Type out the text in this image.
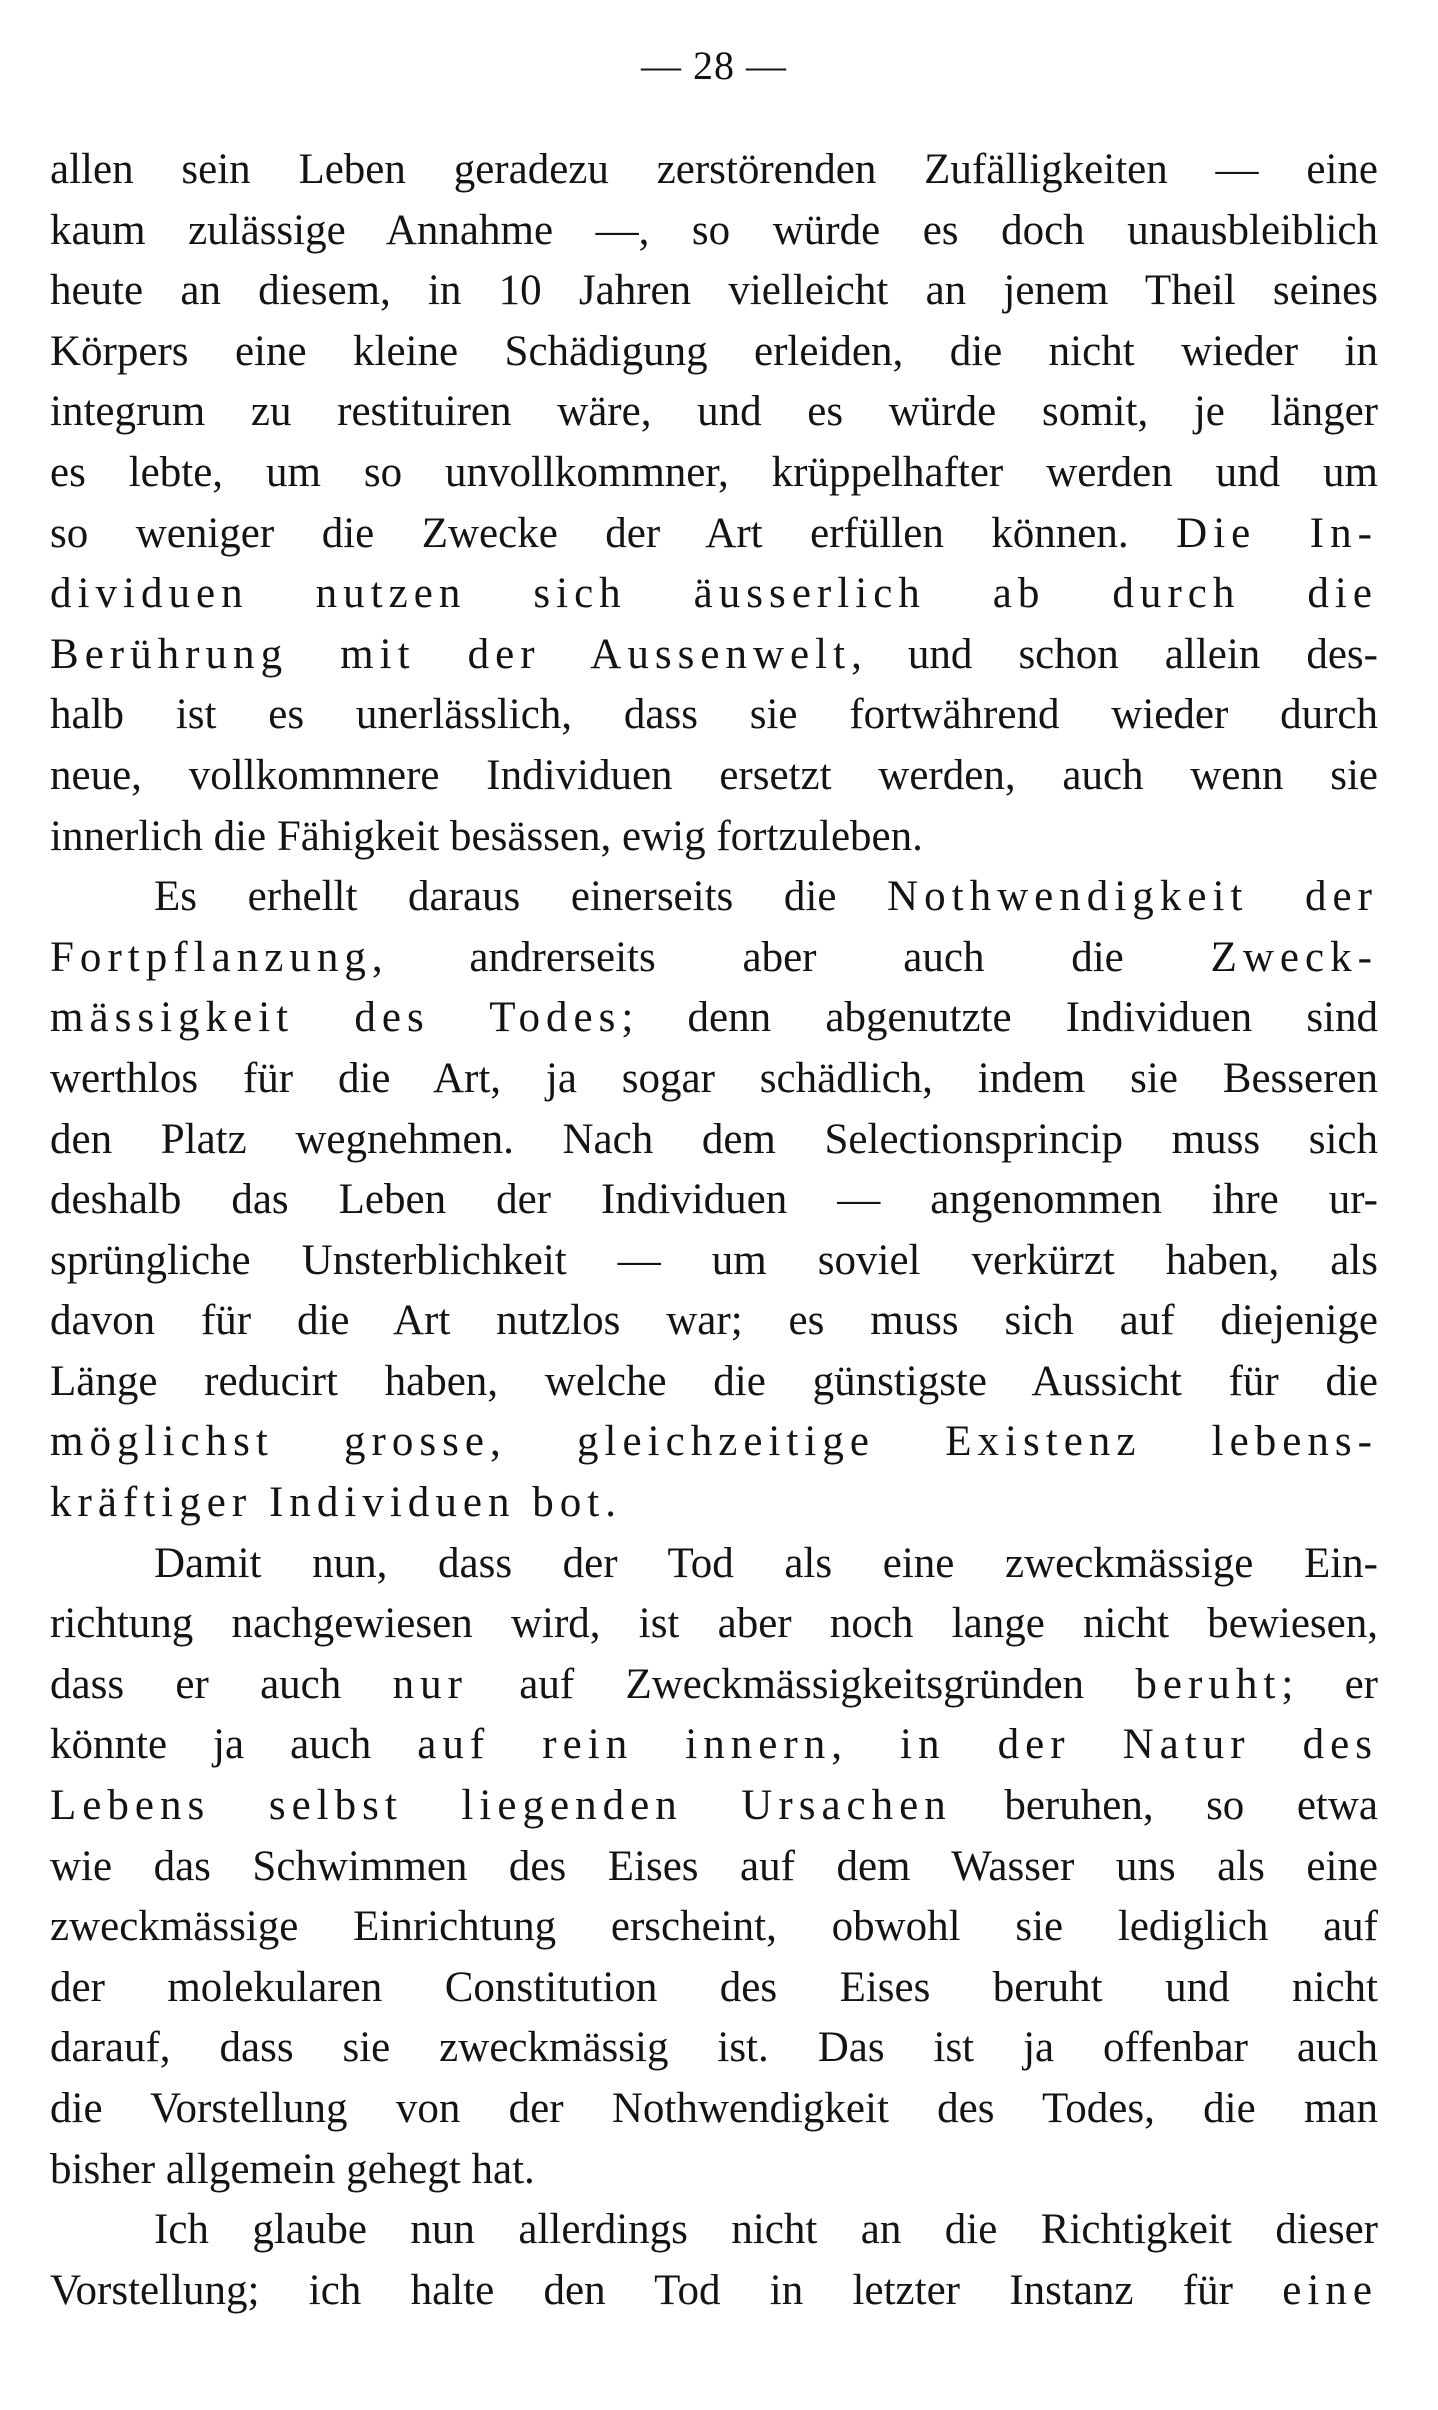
— 28 —
allen sein Leben geradezu zerstörenden Zufälligkeiten — eine
kaum zulässige Annahme —, so würde es doch unausbleiblich
heute an diesem, in 10 Jahren vielleicht an jenem Theil seines
Körpers eine kleine Schädigung erleiden, die nicht wieder in
integrum zu restituiren wäre, und es würde somit, je länger
es lebte, um so unvollkommner, krüppelhafter werden und um
so weniger die Zwecke der Art erfüllen können. Die In-
dividuen nutzen sich äusserlich ab durch die
Berührung mit der Aussenwelt, und schon allein des-
halb ist es unerlässlich, dass sie fortwährend wieder durch
neue, vollkommnere Individuen ersetzt werden, auch wenn sie
innerlich die Fähigkeit besässen, ewig fortzuleben.
Es erhellt daraus einerseits die Nothwendigkeit der
Fortpflanzung, andrerseits aber auch die Zweck-
mässigkeit des Todes; denn abgenutzte Individuen sind
werthlos für die Art, ja sogar schädlich, indem sie Besseren
den Platz wegnehmen. Nach dem Selectionsprincip muss sich
deshalb das Leben der Individuen — angenommen ihre ur-
sprüngliche Unsterblichkeit — um soviel verkürzt haben, als
davon für die Art nutzlos war; es muss sich auf diejenige
Länge reducirt haben, welche die günstigste Aussicht für die
möglichst grosse, gleichzeitige Existenz lebens-
kräftiger Individuen bot.
Damit nun, dass der Tod als eine zweckmässige Ein-
richtung nachgewiesen wird, ist aber noch lange nicht bewiesen,
dass er auch nur auf Zweckmässigkeitsgründen beruht; er
könnte ja auch auf rein innern, in der Natur des
Lebens selbst liegenden Ursachen beruhen, so etwa
wie das Schwimmen des Eises auf dem Wasser uns als eine
zweckmässige Einrichtung erscheint, obwohl sie lediglich auf
der molekularen Constitution des Eises beruht und nicht
darauf, dass sie zweckmässig ist. Das ist ja offenbar auch
die Vorstellung von der Nothwendigkeit des Todes, die man
bisher allgemein gehegt hat.
Ich glaube nun allerdings nicht an die Richtigkeit dieser
Vorstellung; ich halte den Tod in letzter Instanz für eine
